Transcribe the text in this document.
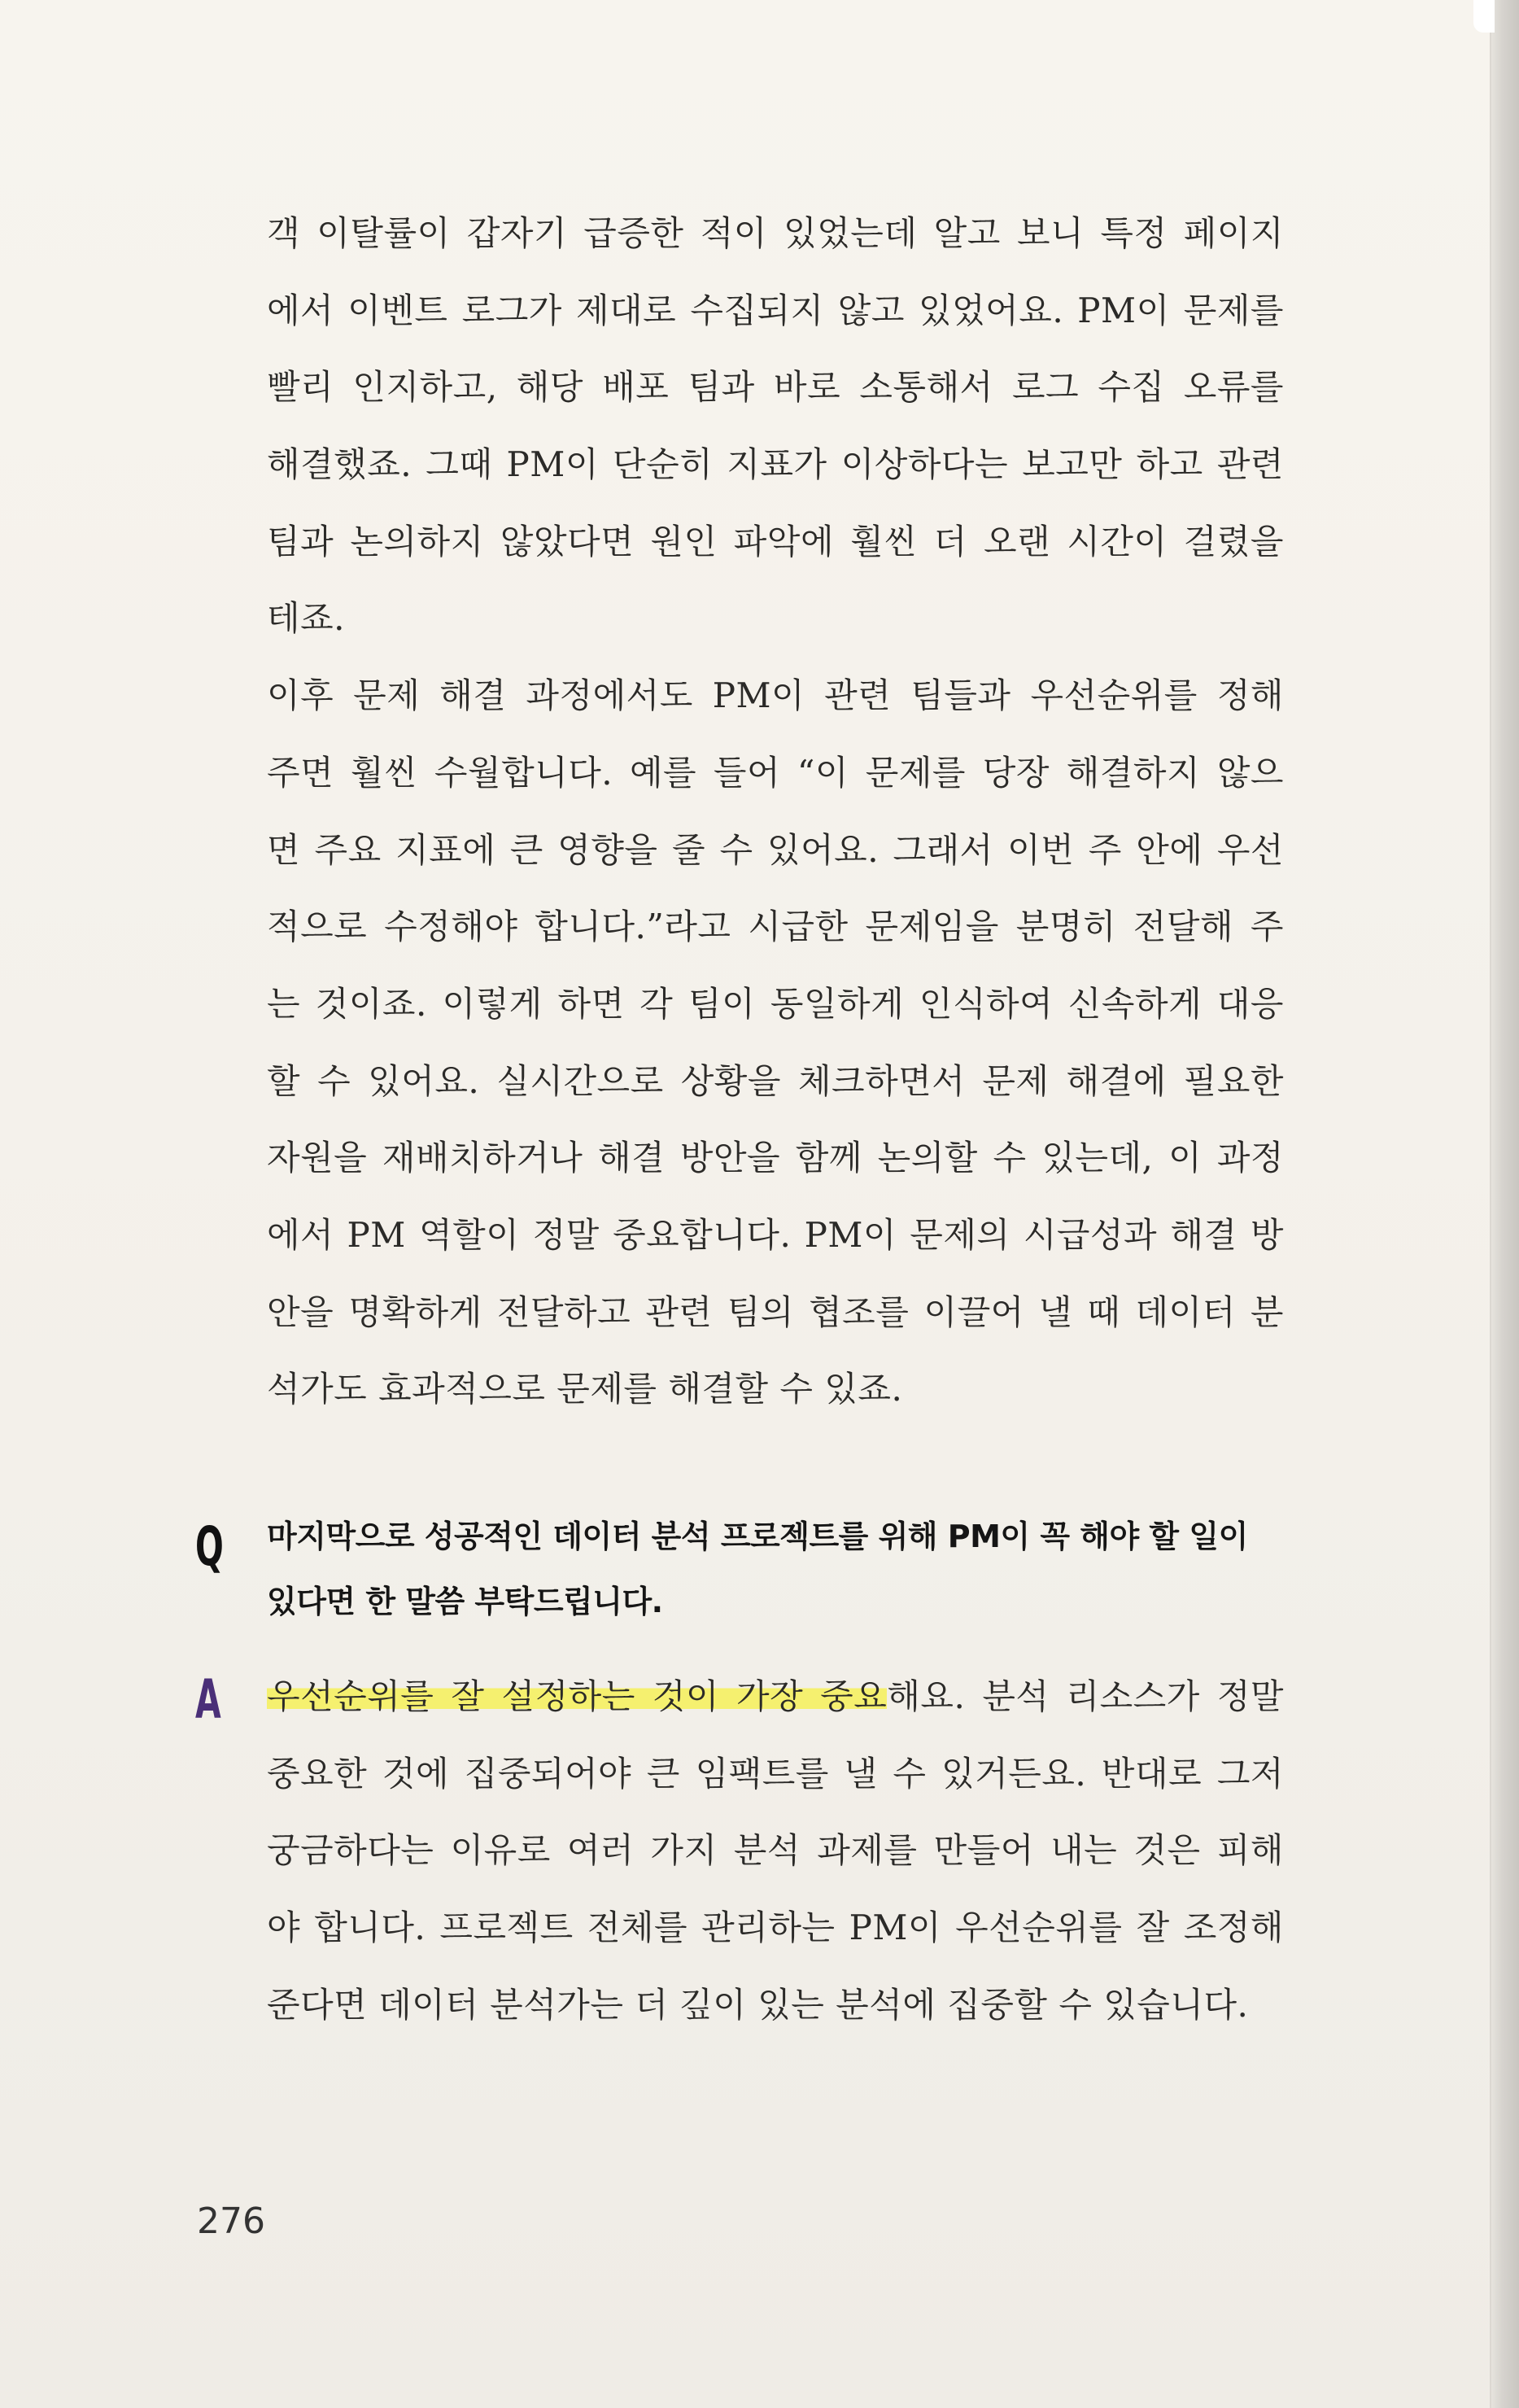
객 이탈률이 갑자기 급증한 적이 있었는데 알고 보니 특정 페이지
에서 이벤트 로그가 제대로 수집되지 않고 있었어요. PM이 문제를
빨리 인지하고, 해당 배포 팀과 바로 소통해서 로그 수집 오류를
해결했죠. 그때 PM이 단순히 지표가 이상하다는 보고만 하고 관련
팀과 논의하지 않았다면 원인 파악에 훨씬 더 오랜 시간이 걸렸을
테죠.
이후 문제 해결 과정에서도 PM이 관련 팀들과 우선순위를 정해
주면 훨씬 수월합니다. 예를 들어 “이 문제를 당장 해결하지 않으
면 주요 지표에 큰 영향을 줄 수 있어요. 그래서 이번 주 안에 우선
적으로 수정해야 합니다.”라고 시급한 문제임을 분명히 전달해 주
는 것이죠. 이렇게 하면 각 팀이 동일하게 인식하여 신속하게 대응
할 수 있어요. 실시간으로 상황을 체크하면서 문제 해결에 필요한
자원을 재배치하거나 해결 방안을 함께 논의할 수 있는데, 이 과정
에서 PM 역할이 정말 중요합니다. PM이 문제의 시급성과 해결 방
안을 명확하게 전달하고 관련 팀의 협조를 이끌어 낼 때 데이터 분
석가도 효과적으로 문제를 해결할 수 있죠.
Q 마지막으로 성공적인 데이터 분석 프로젝트를 위해 PM이 꼭 해야 할 일이
있다면 한 말씀 부탁드립니다.
A 우선순위를 잘 설정하는 것이 가장 중요해요. 분석 리소스가 정말
중요한 것에 집중되어야 큰 임팩트를 낼 수 있거든요. 반대로 그저
궁금하다는 이유로 여러 가지 분석 과제를 만들어 내는 것은 피해
야 합니다. 프로젝트 전체를 관리하는 PM이 우선순위를 잘 조정해
준다면 데이터 분석가는 더 깊이 있는 분석에 집중할 수 있습니다.
276
